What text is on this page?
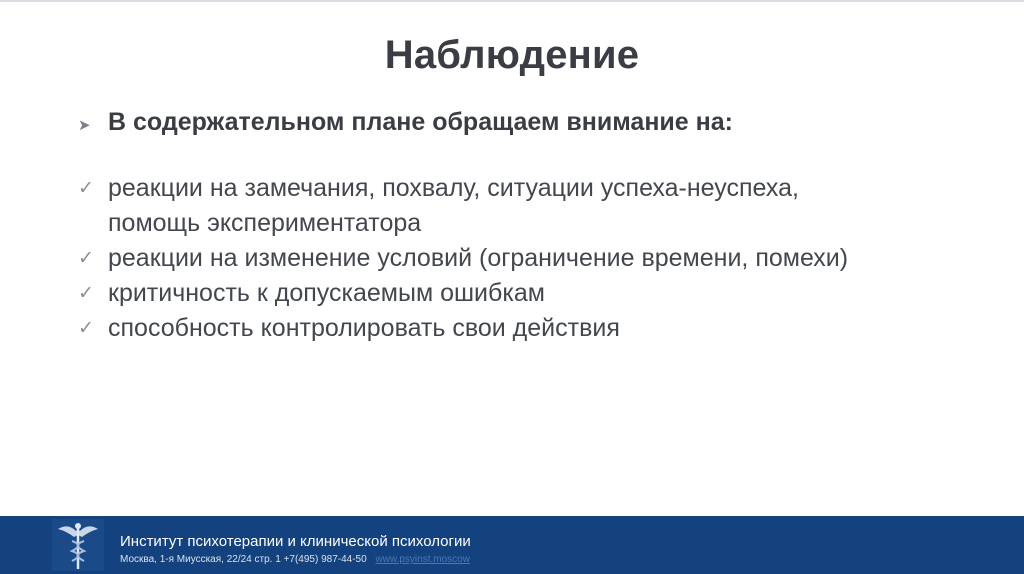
Наблюдение
➤ В содержательном плане обращаем внимание на:
✓ реакции на замечания, похвалу, ситуации успеха-неуспеха, помощь экспериментатора
✓ реакции на изменение условий (ограничение времени, помехи)
✓ критичность к допускаемым ошибкам
✓ способность контролировать свои действия
Институт психотерапии и клинической психологии
Москва, 1-я Миусская, 22/24 стр. 1 +7(495) 987-44-50 www.psyinst.moscow
